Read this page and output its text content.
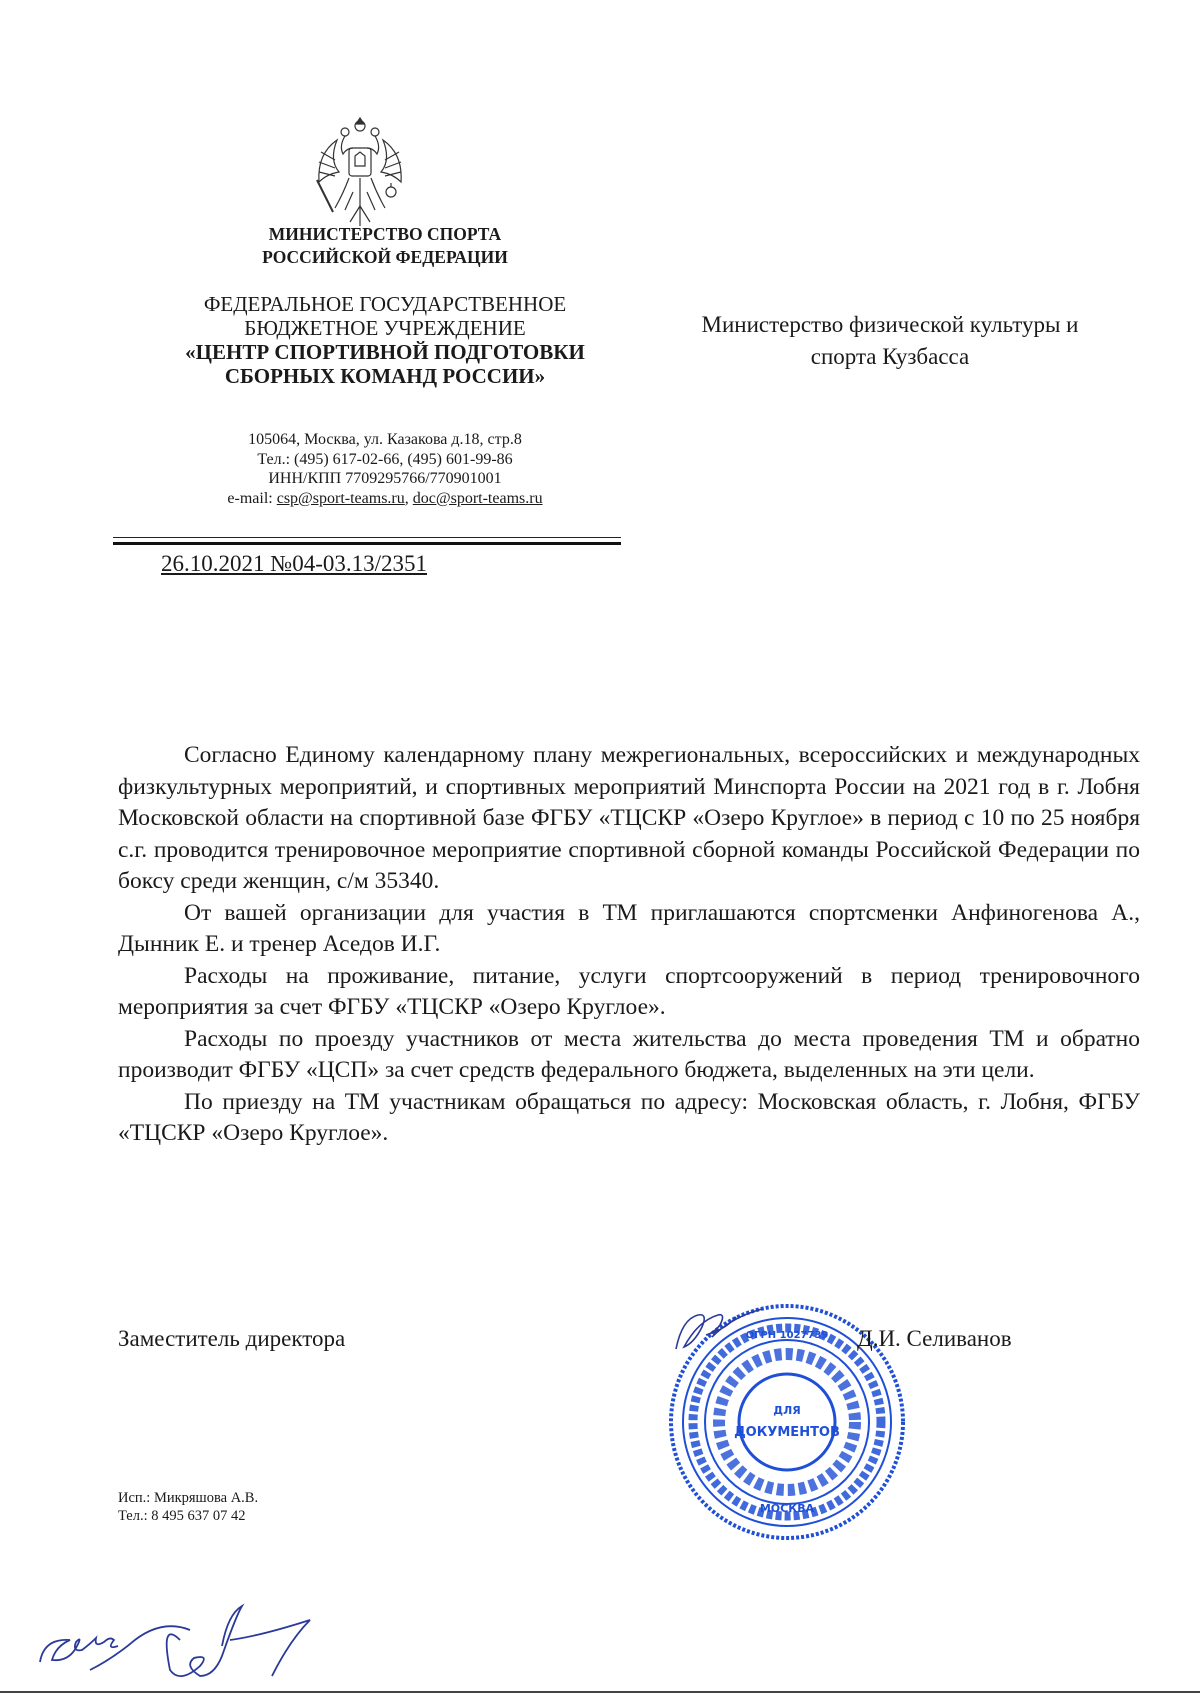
МИНИСТЕРСТВО СПОРТА
РОССИЙСКОЙ ФЕДЕРАЦИИ
ФЕДЕРАЛЬНОЕ ГОСУДАРСТВЕННОЕ
БЮДЖЕТНОЕ УЧРЕЖДЕНИЕ
«ЦЕНТР СПОРТИВНОЙ ПОДГОТОВКИ
СБОРНЫХ КОМАНД РОССИИ»
105064, Москва, ул. Казакова д.18, стр.8
Тел.: (495) 617-02-66, (495) 601-99-86
ИНН/КПП 7709295766/770901001
e-mail: csp@sport-teams.ru, doc@sport-teams.ru
26.10.2021 №04-03.13/2351
Министерство физической культуры и
спорта Кузбасса

Согласно Единому календарному плану межрегиональных, всероссийских и международных физкультурных мероприятий, и спортивных мероприятий Минспорта России на 2021 год в г. Лобня Московской области на спортивной базе ФГБУ «ТЦСКР «Озеро Круглое» в период с 10 по 25 ноября с.г. проводится тренировочное мероприятие спортивной сборной команды Российской Федерации по боксу среди женщин, с/м 35340.

От вашей организации для участия в ТМ приглашаются спортсменки Анфиногенова А., Дынник Е. и тренер Аседов И.Г.

Расходы на проживание, питание, услуги спортсооружений в период тренировочного мероприятия за счет ФГБУ «ТЦСКР «Озеро Круглое».

Расходы по проезду участников от места жительства до места проведения ТМ и обратно производит ФГБУ «ЦСП» за счет средств федерального бюджета, выделенных на эти цели.

По приезду на ТМ участникам обращаться по адресу: Московская область, г. Лобня, ФГБУ «ТЦСКР «Озеро Круглое».

Заместитель директора
ДЛЯ
ДОКУМЕНТОВ
ОГРН 1027739
МОСКВА
Д.И. Селиванов
Исп.: Микряшова А.В.
Тел.: 8 495 637 07 42
